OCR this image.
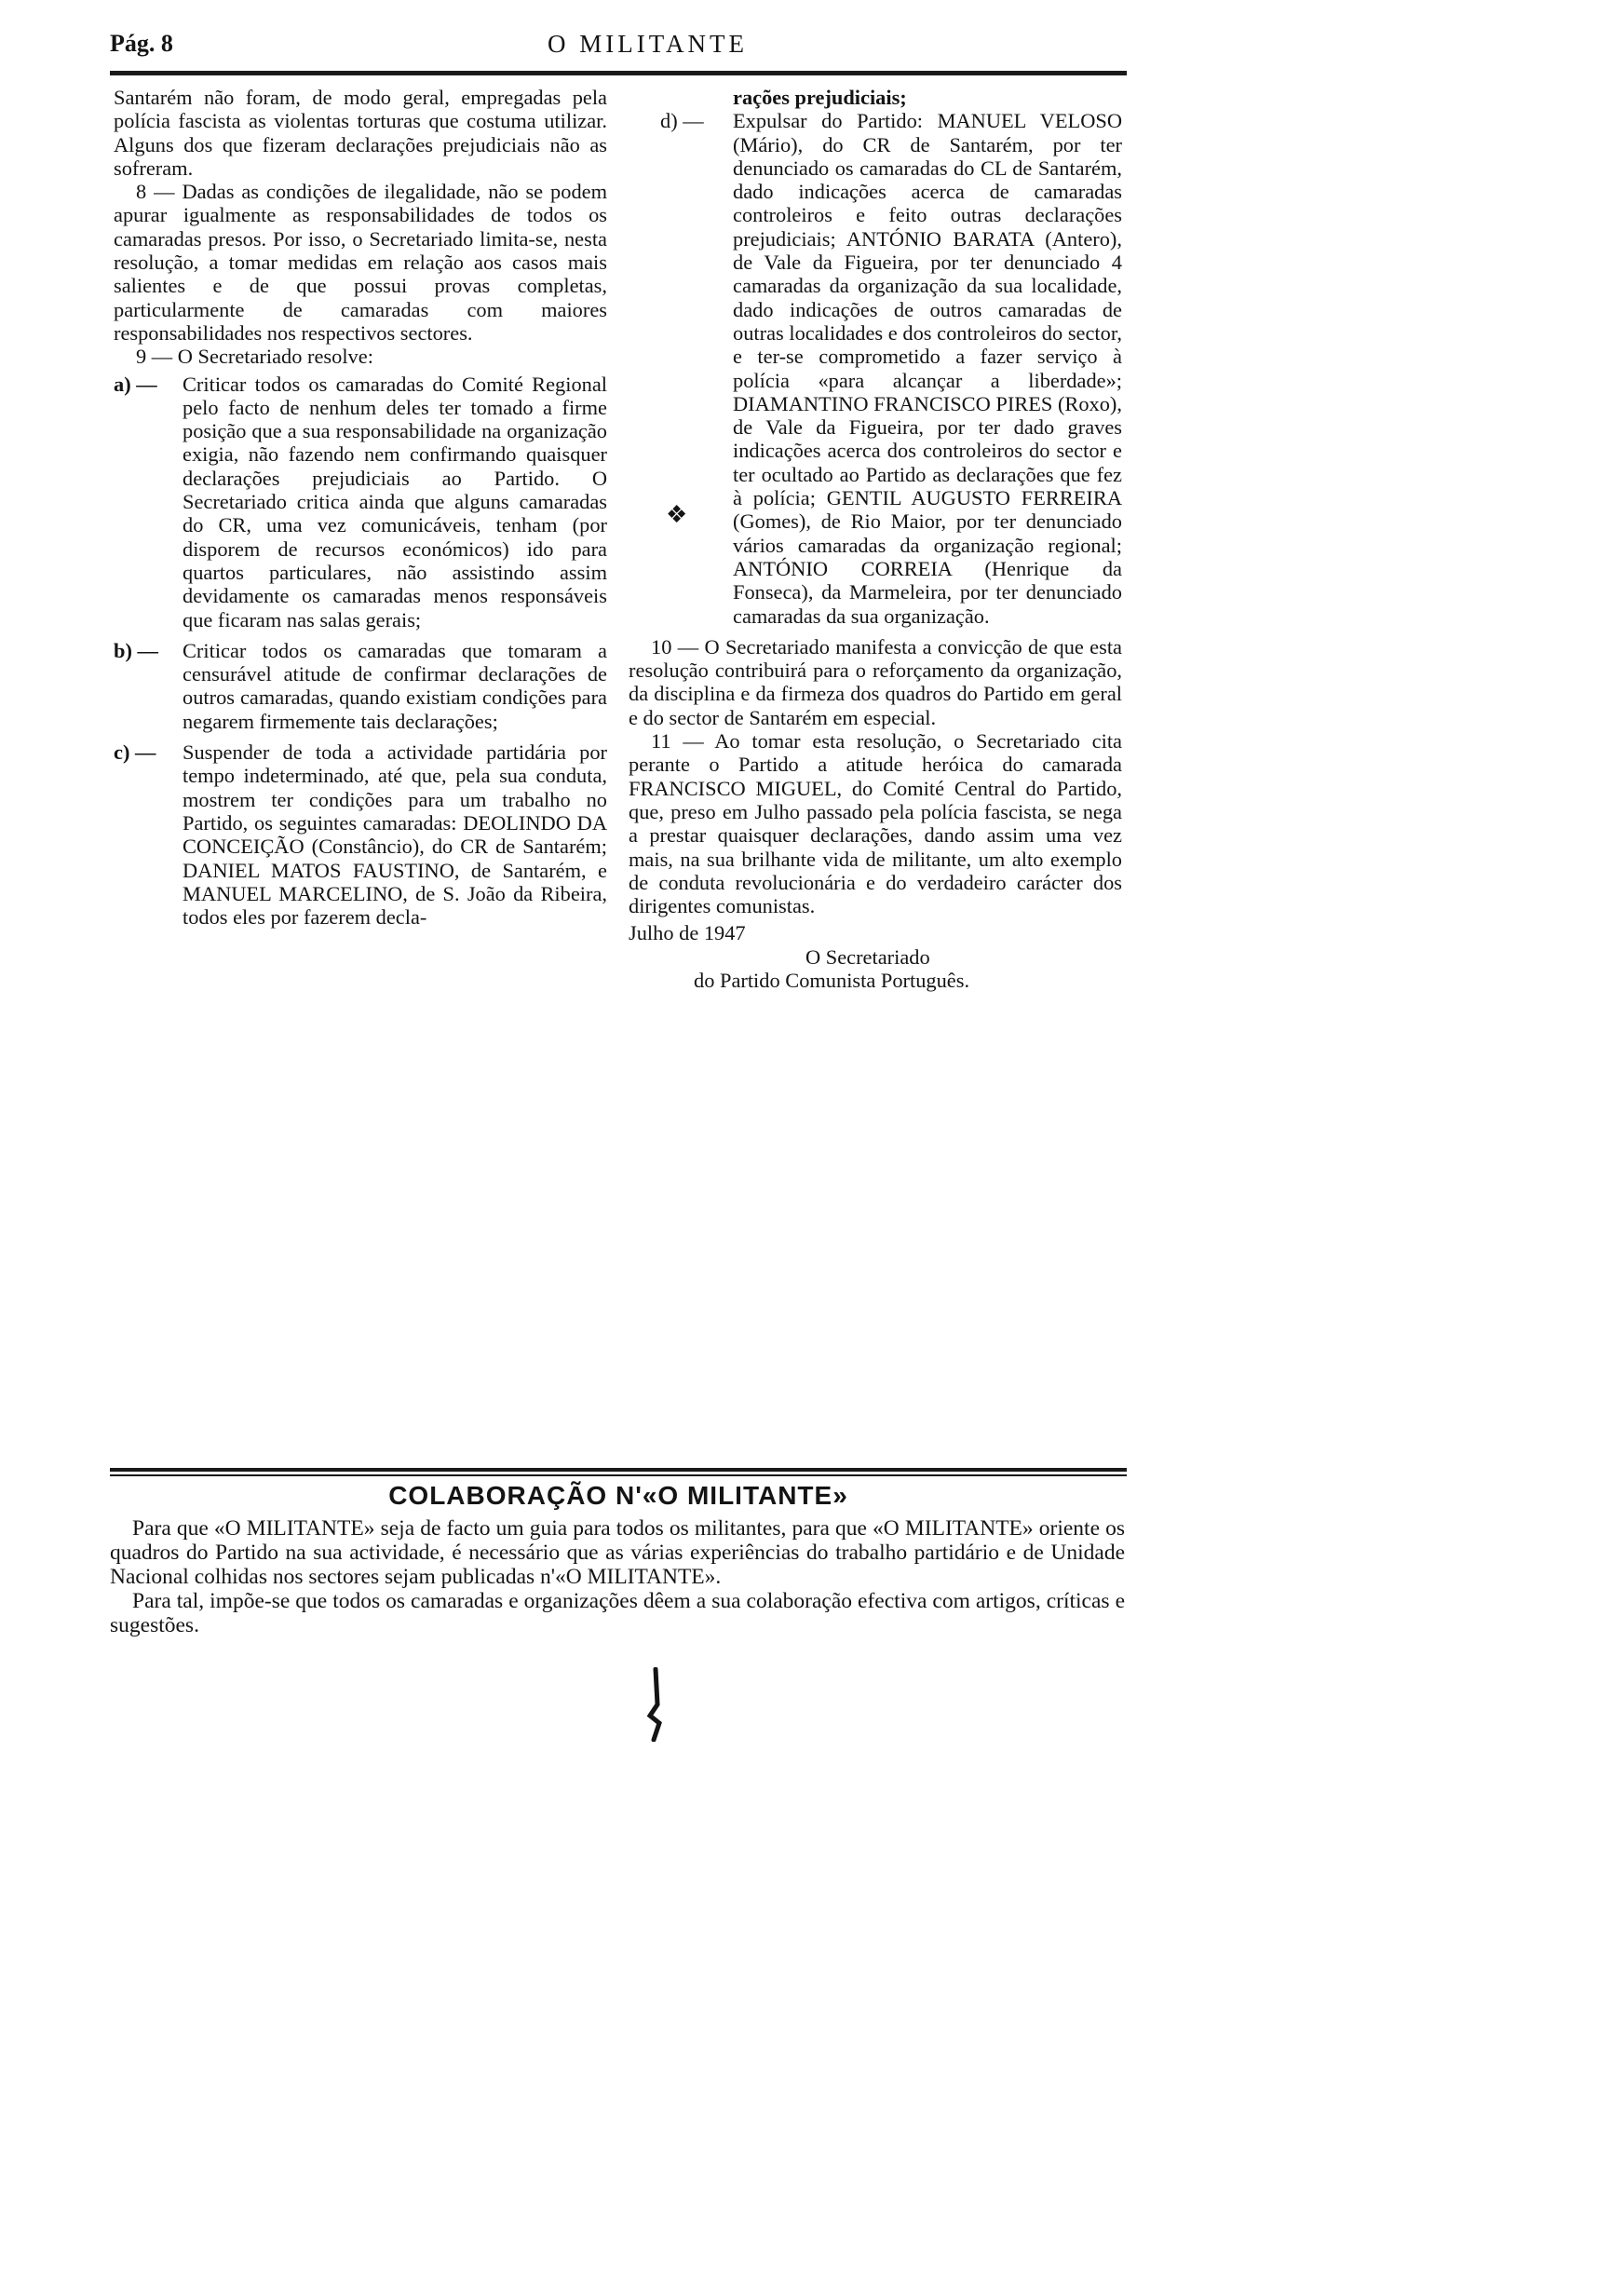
Pág. 8	O MILITANTE

Santarém não foram, de modo geral, empregadas pela polícia fascista as violentas torturas que costuma utilizar. Alguns dos que fizeram declarações prejudiciais não as sofreram.

8 — Dadas as condições de ilegalidade, não se podem apurar igualmente as responsabilidades de todos os camaradas presos. Por isso, o Secretariado limita-se, nesta resolução, a tomar medidas em relação aos casos mais salientes e de que possui provas completas, particularmente de camaradas com maiores responsabilidades nos respectivos sectores.

9 — O Secretariado resolve:

a) — Criticar todos os camaradas do Comité Regional pelo facto de nenhum deles ter tomado a firme posição que a sua responsabilidade na organização exigia, não fazendo nem confirmando quaisquer declarações prejudiciais ao Partido. O Secretariado critica ainda que alguns camaradas do CR, uma vez comunicáveis, tenham (por disporem de recursos económicos) ido para quartos particulares, não assistindo assim devidamente os camaradas menos responsáveis que ficaram nas salas gerais;

b) — Criticar todos os camaradas que tomaram a censurável atitude de confirmar declarações de outros camaradas, quando existiam condições para negarem firmemente tais declarações;

c) — Suspender de toda a actividade partidária por tempo indeterminado, até que, pela sua conduta, mostrem ter condições para um trabalho no Partido, os seguintes camaradas: DEOLINDO DA CONCEIÇÃO (Constâncio), do CR de Santarém; DANIEL MATOS FAUSTINO, de Santarém, e MANUEL MARCELINO, de S. João da Ribeira, todos eles por fazerem decla-

rações prejudiciais;

d) — Expulsar do Partido: MANUEL VELOSO (Mário), do CR de Santarém, por ter denunciado os camaradas do CL de Santarém, dado indicações acerca de camaradas controleiros e feito outras declarações prejudiciais; ANTÓNIO BARATA (Antero), de Vale da Figueira, por ter denunciado 4 camaradas da organização da sua localidade, dado indicações de outros camaradas de outras localidades e dos controleiros do sector, e ter-se comprometido a fazer serviço à polícia «para alcançar a liberdade»; DIAMANTINO FRANCISCO PIRES (Roxo), de Vale da Figueira, por ter dado graves indicações acerca dos controleiros do sector e ter ocultado ao Partido as declarações que fez à polícia; GENTIL AUGUSTO FERREIRA (Gomes), de Rio Maior, por ter denunciado vários camaradas da organização regional; ANTÓNIO CORREIA (Henrique da Fonseca), da Marmeleira, por ter denunciado camaradas da sua organização.

10 — O Secretariado manifesta a convicção de que esta resolução contribuirá para o reforçamento da organização, da disciplina e da firmeza dos quadros do Partido em geral e do sector de Santarém em especial.

11 — Ao tomar esta resolução, o Secretariado cita perante o Partido a atitude heróica do camarada FRANCISCO MIGUEL, do Comité Central do Partido, que, preso em Julho passado pela polícia fascista, se nega a prestar quaisquer declarações, dando assim uma vez mais, na sua brilhante vida de militante, um alto exemplo de conduta revolucionária e do verdadeiro carácter dos dirigentes comunistas.

Julho de 1947
O Secretariado
do Partido Comunista Português.
❖
COLABORAÇÃO N'«O MILITANTE»

Para que «O MILITANTE» seja de facto um guia para todos os militantes, para que «O MILITANTE» oriente os quadros do Partido na sua actividade, é necessário que as várias experiências do trabalho partidário e de Unidade Nacional colhidas nos sectores sejam publicadas n'«O MILITANTE».

Para tal, impõe-se que todos os camaradas e organizações dêem a sua colaboração efectiva com artigos, críticas e sugestões.
